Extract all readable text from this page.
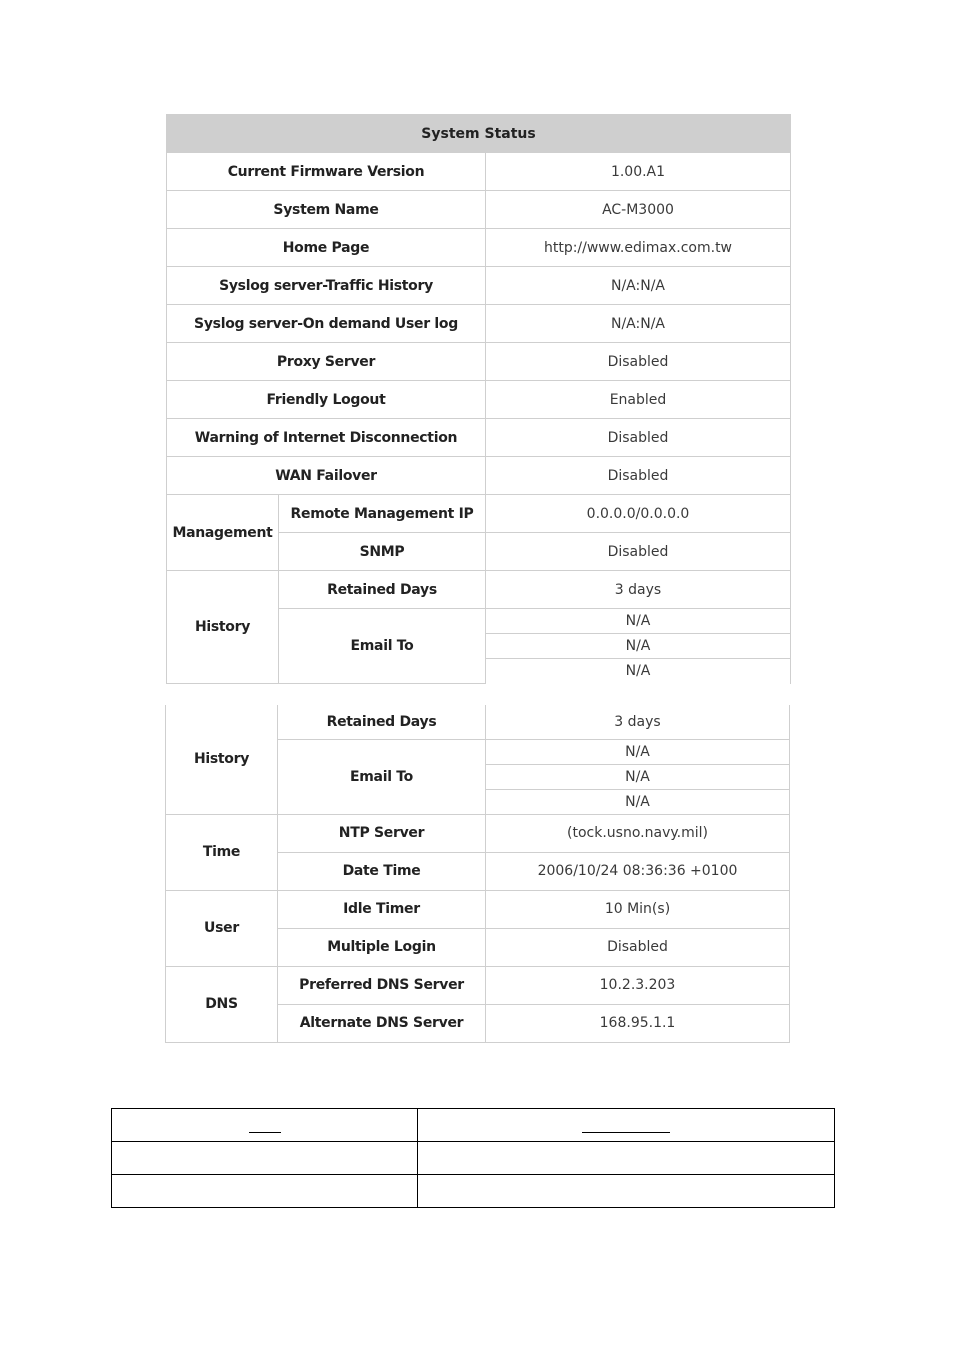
System Status		
Current Firmware Version		1.00.A1
System Name		AC-M3000
Home Page		http://www.edimax.com.tw
Syslog server-Traffic History		N/A:N/A
Syslog server-On demand User log		N/A:N/A
Proxy Server		Disabled
Friendly Logout		Enabled
Warning of Internet Disconnection		Disabled
WAN Failover		Disabled
Management	Remote Management IP	0.0.0.0/0.0.0.0
	SNMP	Disabled
History	Retained Days	3 days
	Email To	N/A
		N/A
		N/A
History	Retained Days	3 days
	Email To	N/A
		N/A
		N/A
Time	NTP Server	(tock.usno.navy.mil)
	Date Time	2006/10/24 08:36:36 +0100
User	Idle Timer	10 Min(s)
	Multiple Login	Disabled
DNS	Preferred DNS Server	10.2.3.203
	Alternate DNS Server	168.95.1.1
